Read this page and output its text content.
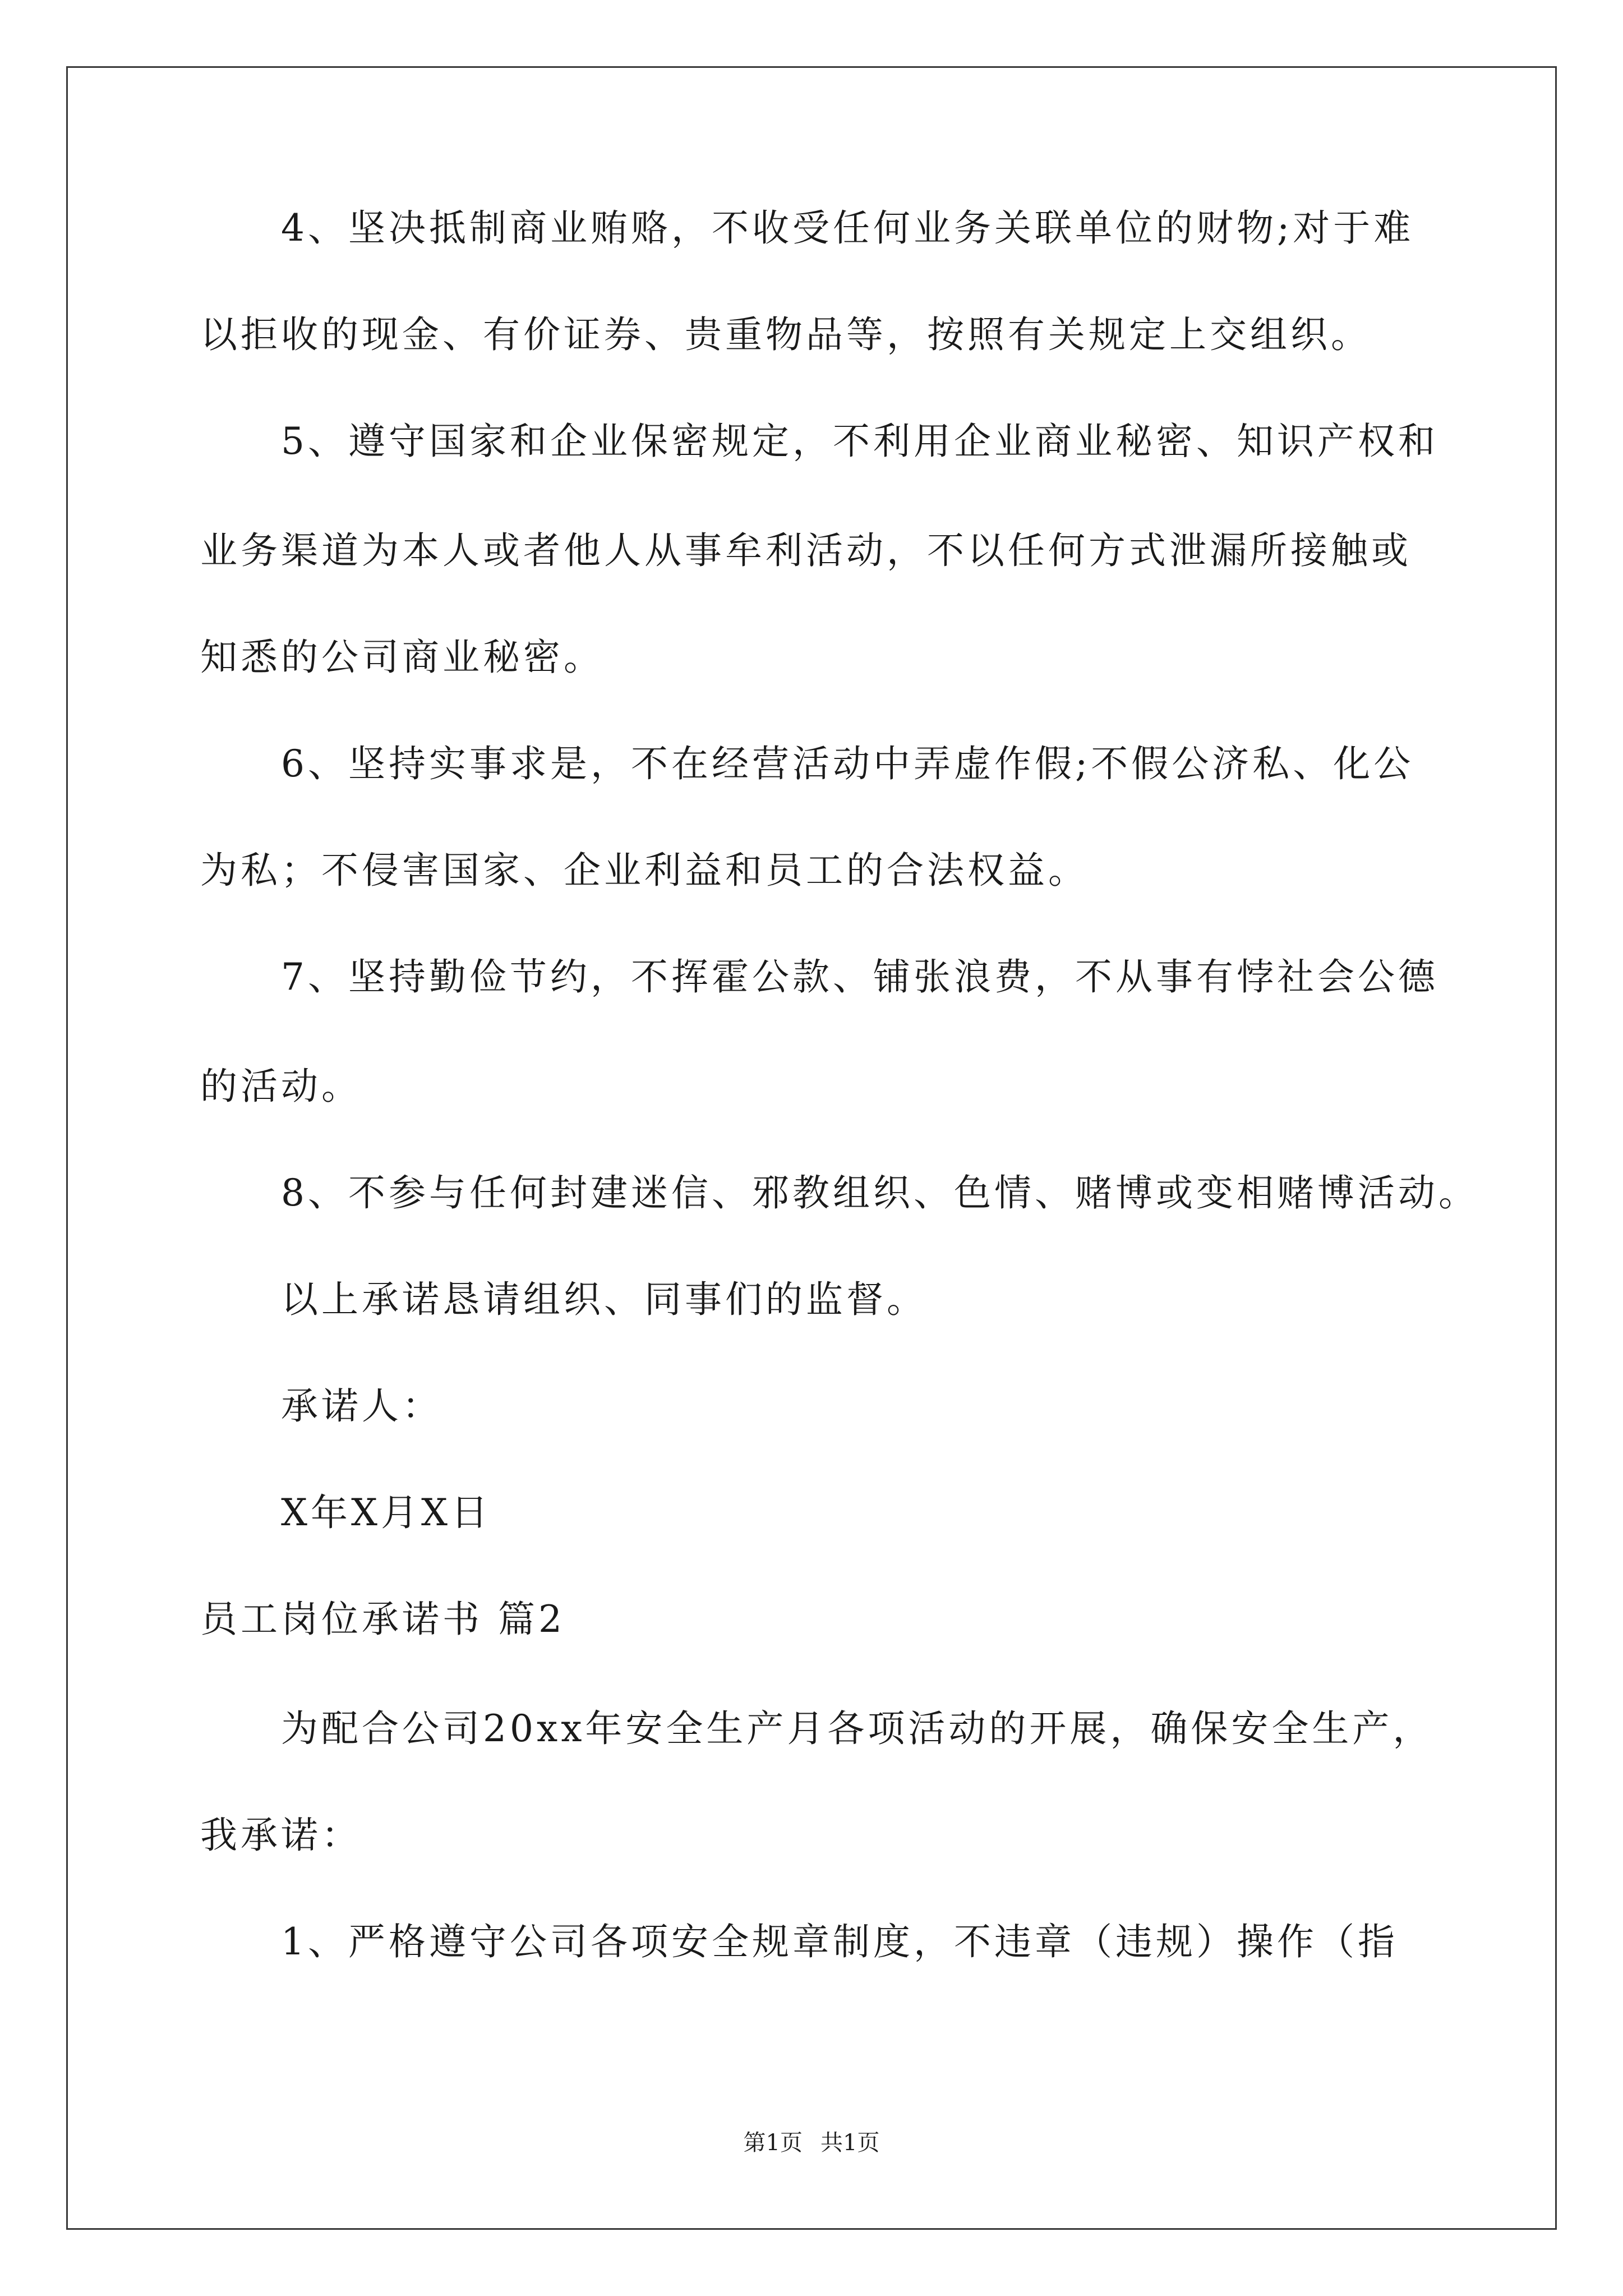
4、坚决抵制商业贿赂，不收受任何业务关联单位的财物;对于难
以拒收的现金、有价证券、贵重物品等，按照有关规定上交组织。
5、遵守国家和企业保密规定，不利用企业商业秘密、知识产权和
业务渠道为本人或者他人从事牟利活动，不以任何方式泄漏所接触或
知悉的公司商业秘密。
6、坚持实事求是，不在经营活动中弄虚作假;不假公济私、化公
为私；不侵害国家、企业利益和员工的合法权益。
7、坚持勤俭节约，不挥霍公款、铺张浪费，不从事有悖社会公德
的活动。
8、不参与任何封建迷信、邪教组织、色情、赌博或变相赌博活动。
以上承诺恳请组织、同事们的监督。
承诺人：
X年X月X日
员工岗位承诺书 篇2
为配合公司20xx年安全生产月各项活动的开展，确保安全生产，
我承诺：
1、严格遵守公司各项安全规章制度，不违章（违规）操作（指
第1页 共1页
